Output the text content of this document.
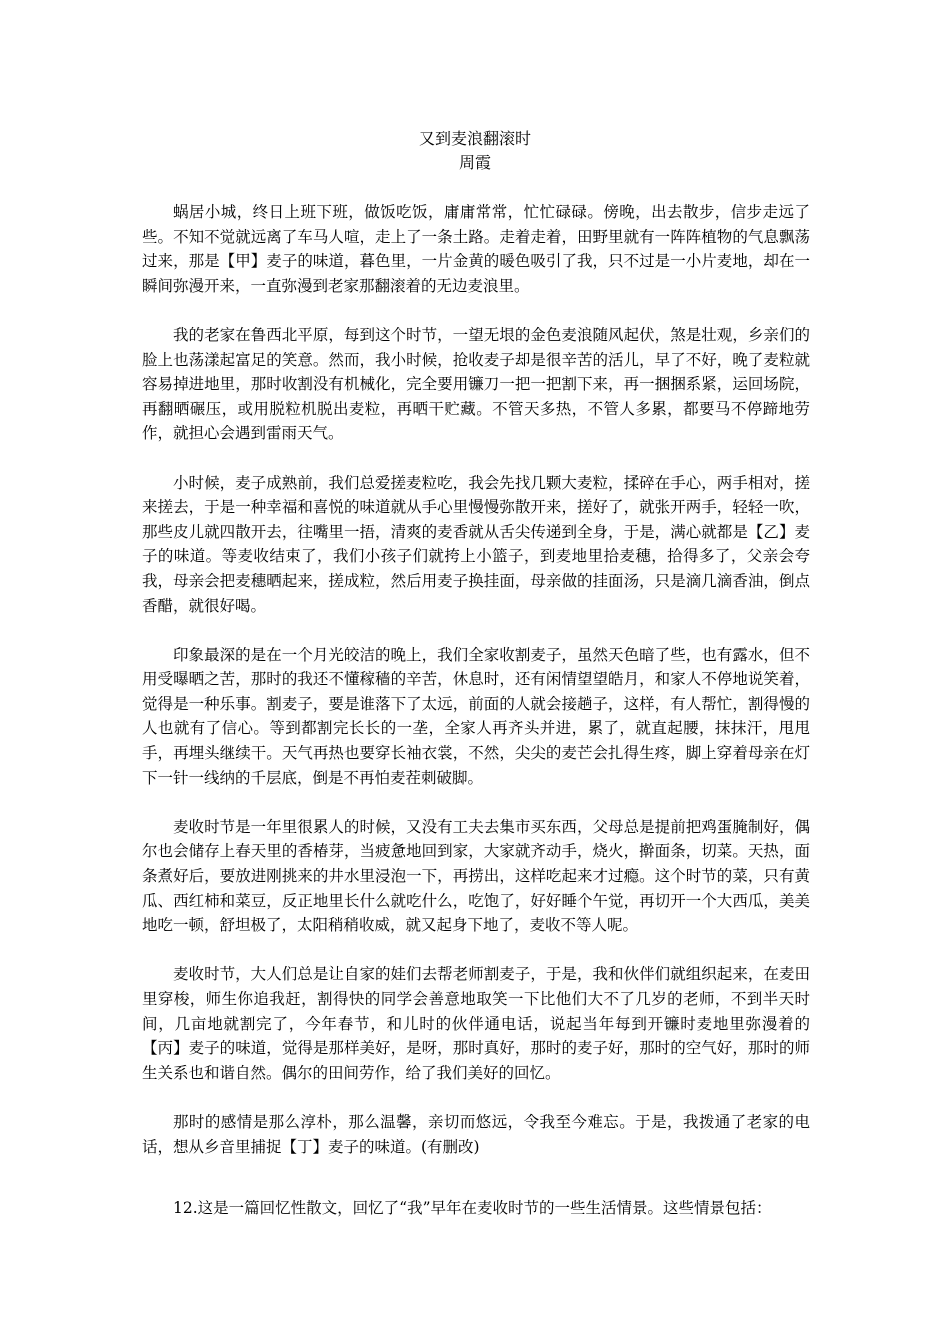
又到麦浪翻滚时
周霞

蜗居小城，终日上班下班，做饭吃饭，庸庸常常，忙忙碌碌。傍晚，出去散步，信步走远了些。不知不觉就远离了车马人喧，走上了一条土路。走着走着，田野里就有一阵阵植物的气息飘荡过来，那是【甲】麦子的味道，暮色里，一片金黄的暖色吸引了我，只不过是一小片麦地，却在一瞬间弥漫开来，一直弥漫到老家那翻滚着的无边麦浪里。

我的老家在鲁西北平原，每到这个时节，一望无垠的金色麦浪随风起伏，煞是壮观，乡亲们的脸上也荡漾起富足的笑意。然而，我小时候，抢收麦子却是很辛苦的活儿，早了不好，晚了麦粒就容易掉进地里，那时收割没有机械化，完全要用镰刀一把一把割下来，再一捆捆系紧，运回场院，再翻晒碾压，或用脱粒机脱出麦粒，再晒干贮藏。不管天多热，不管人多累，都要马不停蹄地劳作，就担心会遇到雷雨天气。

小时候，麦子成熟前，我们总爱搓麦粒吃，我会先找几颗大麦粒，揉碎在手心，两手相对，搓来搓去，于是一种幸福和喜悦的味道就从手心里慢慢弥散开来，搓好了，就张开两手，轻轻一吹，那些皮儿就四散开去，往嘴里一捂，清爽的麦香就从舌尖传递到全身，于是，满心就都是【乙】麦子的味道。等麦收结束了，我们小孩子们就挎上小篮子，到麦地里拾麦穗，拾得多了，父亲会夸我，母亲会把麦穗晒起来，搓成粒，然后用麦子换挂面，母亲做的挂面汤，只是滴几滴香油，倒点香醋，就很好喝。

印象最深的是在一个月光皎洁的晚上，我们全家收割麦子，虽然天色暗了些，也有露水，但不用受曝晒之苦，那时的我还不懂稼穑的辛苦，休息时，还有闲情望望皓月，和家人不停地说笑着，觉得是一种乐事。割麦子，要是谁落下了太远，前面的人就会接趟子，这样，有人帮忙，割得慢的人也就有了信心。等到都割完长长的一垄，全家人再齐头并进，累了，就直起腰，抹抹汗，甩甩手，再埋头继续干。天气再热也要穿长袖衣裳，不然，尖尖的麦芒会扎得生疼，脚上穿着母亲在灯下一针一线纳的千层底，倒是不再怕麦茬刺破脚。

麦收时节是一年里很累人的时候，又没有工夫去集市买东西，父母总是提前把鸡蛋腌制好，偶尔也会储存上春天里的香椿芽，当疲惫地回到家，大家就齐动手，烧火，擀面条，切菜。天热，面条煮好后，要放进刚挑来的井水里浸泡一下，再捞出，这样吃起来才过瘾。这个时节的菜，只有黄瓜、西红柿和菜豆，反正地里长什么就吃什么，吃饱了，好好睡个午觉，再切开一个大西瓜，美美地吃一顿，舒坦极了，太阳稍稍收威，就又起身下地了，麦收不等人呢。

麦收时节，大人们总是让自家的娃们去帮老师割麦子，于是，我和伙伴们就组织起来，在麦田里穿梭，师生你追我赶，割得快的同学会善意地取笑一下比他们大不了几岁的老师，不到半天时间，几亩地就割完了，今年春节，和儿时的伙伴通电话，说起当年每到开镰时麦地里弥漫着的【丙】麦子的味道，觉得是那样美好，是呀，那时真好，那时的麦子好，那时的空气好，那时的师生关系也和谐自然。偶尔的田间劳作，给了我们美好的回忆。

那时的感情是那么淳朴，那么温馨，亲切而悠远，令我至今难忘。于是，我拨通了老家的电话，想从乡音里捕捉【丁】麦子的味道。(有删改)

12.这是一篇回忆性散文，回忆了“我”早年在麦收时节的一些生活情景。这些情景包括：
